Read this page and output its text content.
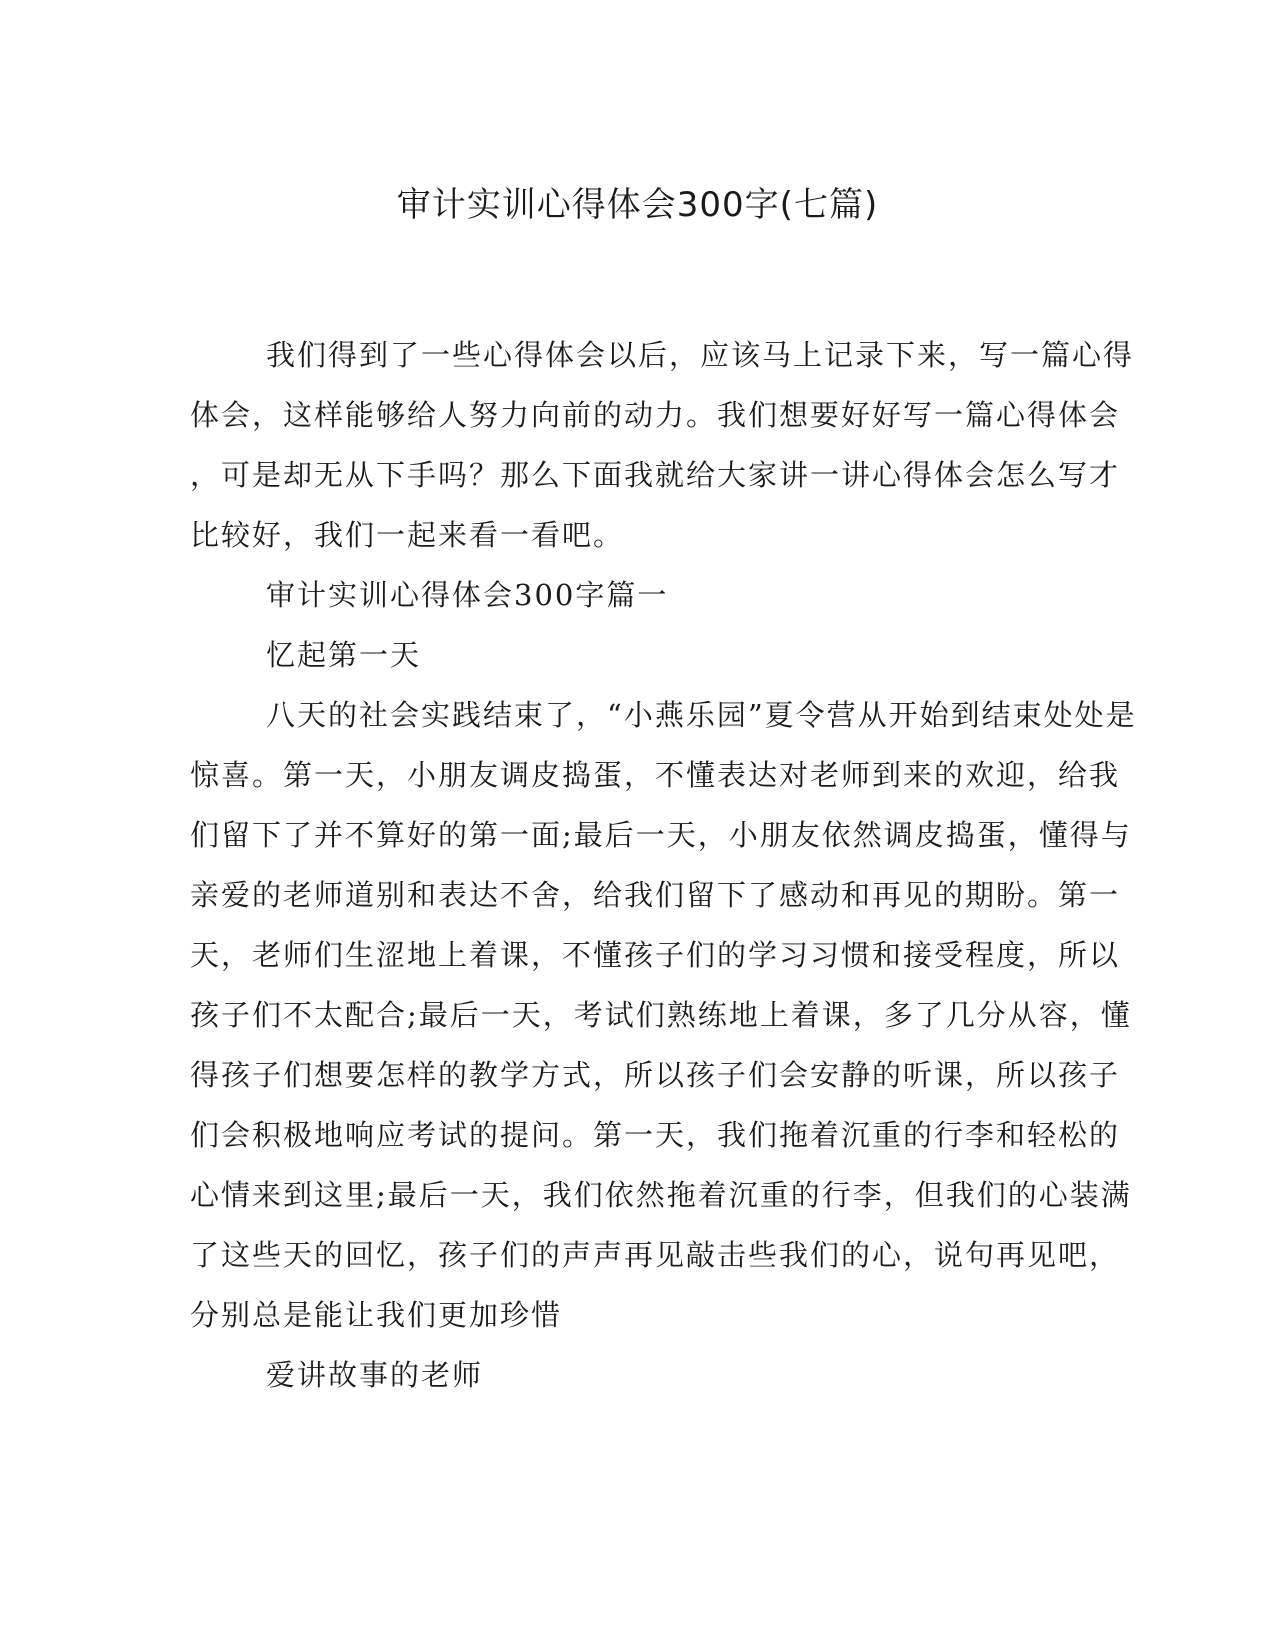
审计实训心得体会300字(七篇)
我们得到了一些心得体会以后，应该马上记录下来，写一篇心得
体会，这样能够给人努力向前的动力。我们想要好好写一篇心得体会
，可是却无从下手吗？那么下面我就给大家讲一讲心得体会怎么写才
比较好，我们一起来看一看吧。
审计实训心得体会300字篇一
忆起第一天
八天的社会实践结束了，“小燕乐园”夏令营从开始到结束处处是
惊喜。第一天，小朋友调皮捣蛋，不懂表达对老师到来的欢迎，给我
们留下了并不算好的第一面;最后一天，小朋友依然调皮捣蛋，懂得与
亲爱的老师道别和表达不舍，给我们留下了感动和再见的期盼。第一
天，老师们生涩地上着课，不懂孩子们的学习习惯和接受程度，所以
孩子们不太配合;最后一天，考试们熟练地上着课，多了几分从容，懂
得孩子们想要怎样的教学方式，所以孩子们会安静的听课，所以孩子
们会积极地响应考试的提问。第一天，我们拖着沉重的行李和轻松的
心情来到这里;最后一天，我们依然拖着沉重的行李，但我们的心装满
了这些天的回忆，孩子们的声声再见敲击些我们的心，说句再见吧，
分别总是能让我们更加珍惜
爱讲故事的老师
